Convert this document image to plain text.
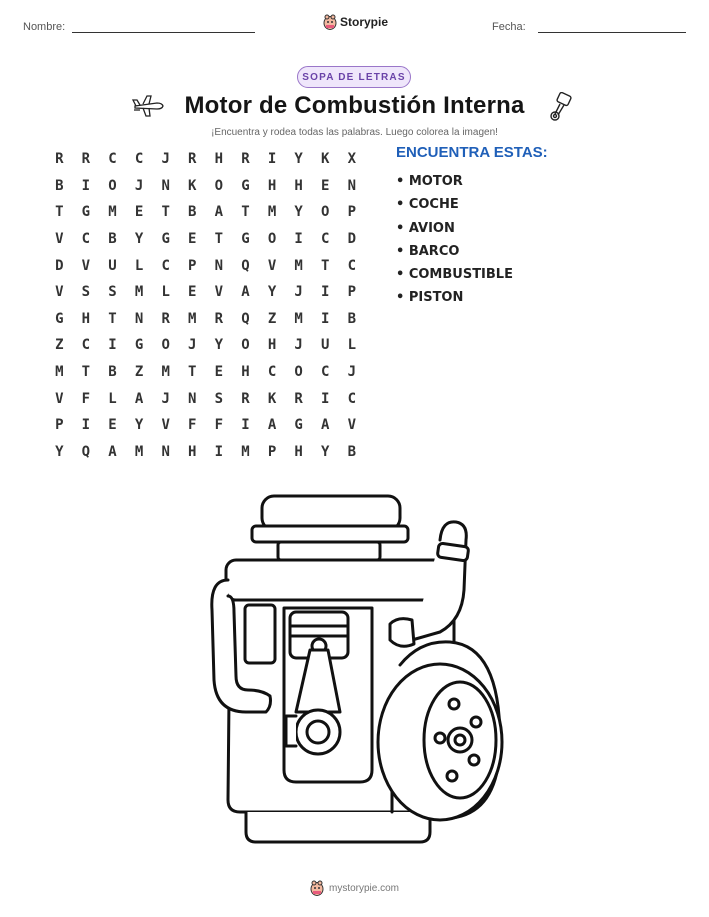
Nombre:	Storypie	Fecha:
SOPA DE LETRAS
Motor de Combustión Interna
¡Encuentra y rodea todas las palabras. Luego colorea la imagen!
R	R	C	C	J	R	H	R	I	Y	K	X
B	I	O	J	N	K	O	G	H	H	E	N
T	G	M	E	T	B	A	T	M	Y	O	P
V	C	B	Y	G	E	T	G	O	I	C	D
D	V	U	L	C	P	N	Q	V	M	T	C
V	S	S	M	L	E	V	A	Y	J	I	P
G	H	T	N	R	M	R	Q	Z	M	I	B
Z	C	I	G	O	J	Y	O	H	J	U	L
M	T	B	Z	M	T	E	H	C	O	C	J
V	F	L	A	J	N	S	R	K	R	I	C
P	I	E	Y	V	F	F	I	A	G	A	V
Y	Q	A	M	N	H	I	M	P	H	Y	B
ENCUENTRA ESTAS:
• MOTOR
• COCHE
• AVION
• BARCO
• COMBUSTIBLE
• PISTON
mystorypie.com
